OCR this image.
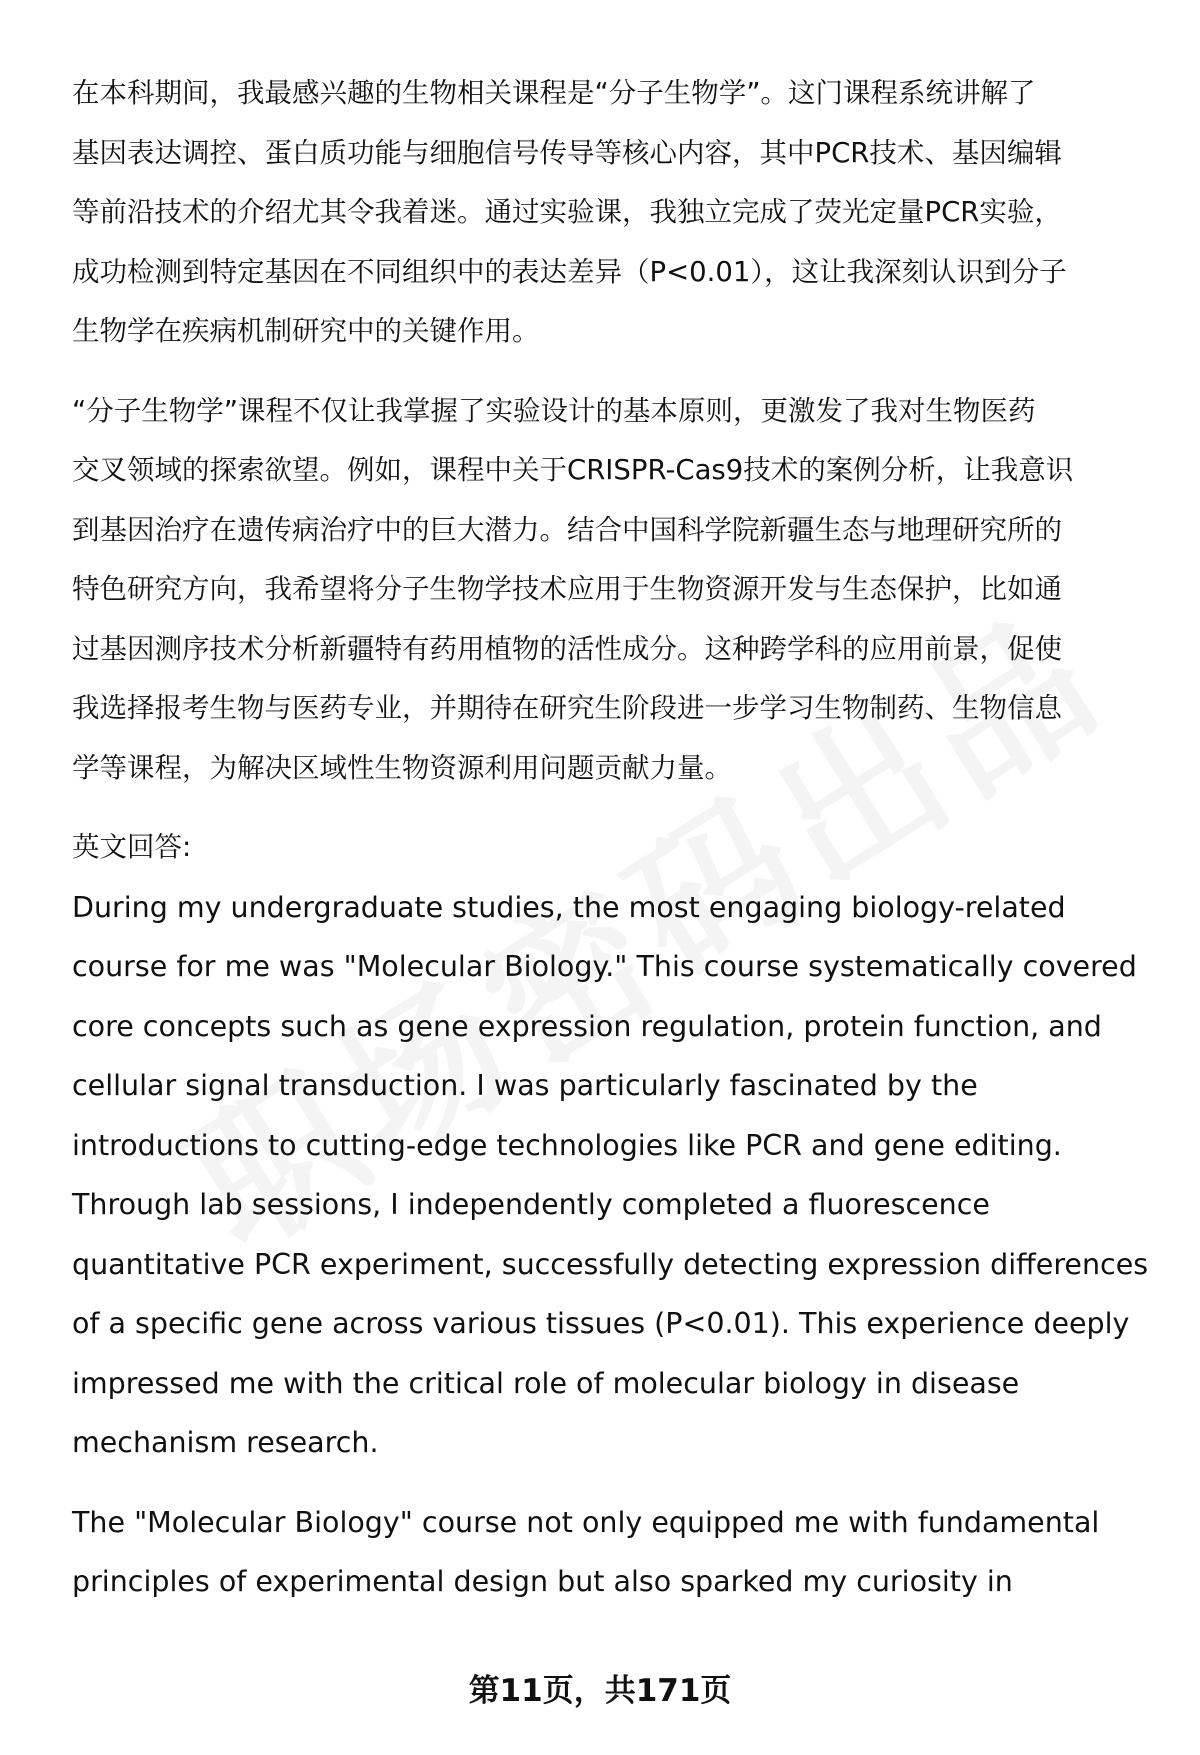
在本科期间，我最感兴趣的生物相关课程是“分子生物学”。这门课程系统讲解了
基因表达调控、蛋白质功能与细胞信号传导等核心内容，其中PCR技术、基因编辑
等前沿技术的介绍尤其令我着迷。通过实验课，我独立完成了荧光定量PCR实验，
成功检测到特定基因在不同组织中的表达差异（P<0.01），这让我深刻认识到分子
生物学在疾病机制研究中的关键作用。

“分子生物学”课程不仅让我掌握了实验设计的基本原则，更激发了我对生物医药
交叉领域的探索欲望。例如，课程中关于CRISPR-Cas9技术的案例分析，让我意识
到基因治疗在遗传病治疗中的巨大潜力。结合中国科学院新疆生态与地理研究所的
特色研究方向，我希望将分子生物学技术应用于生物资源开发与生态保护，比如通
过基因测序技术分析新疆特有药用植物的活性成分。这种跨学科的应用前景，促使
我选择报考生物与医药专业，并期待在研究生阶段进一步学习生物制药、生物信息
学等课程，为解决区域性生物资源利用问题贡献力量。

英文回答:

During my undergraduate studies, the most engaging biology-related
course for me was "Molecular Biology." This course systematically covered
core concepts such as gene expression regulation, protein function, and
cellular signal transduction. I was particularly fascinated by the
introductions to cutting-edge technologies like PCR and gene editing.
Through lab sessions, I independently completed a fluorescence
quantitative PCR experiment, successfully detecting expression differences
of a specific gene across various tissues (P<0.01). This experience deeply
impressed me with the critical role of molecular biology in disease
mechanism research.

The "Molecular Biology" course not only equipped me with fundamental
principles of experimental design but also sparked my curiosity in

第11页，共171页
